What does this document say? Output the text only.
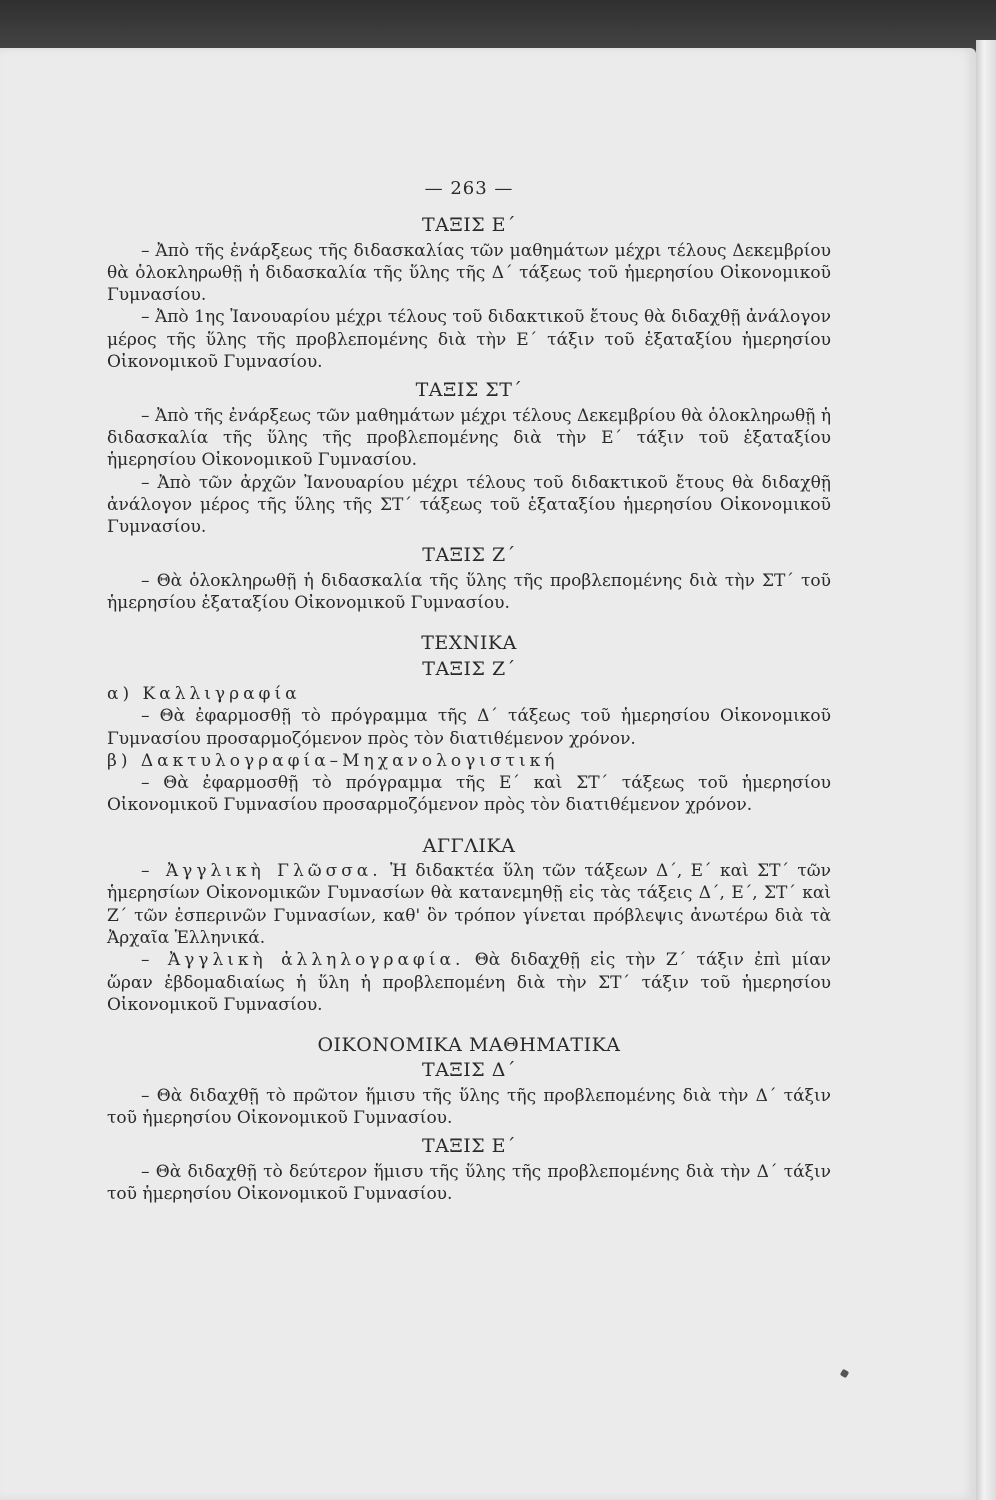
— 263 —
ΤΑΞΙΣ Ε΄

– Ἀπὸ τῆς ἐνάρξεως τῆς διδασκαλίας τῶν μαθημάτων μέχρι τέλους Δεκεμβρίου θὰ ὁλοκληρωθῇ ἡ διδασκαλία τῆς ὕλης τῆς Δ΄ τάξεως τοῦ ἡμερησίου Οἰκονομικοῦ Γυμνασίου.

– Ἀπὸ 1ης Ἰανουαρίου μέχρι τέλους τοῦ διδακτικοῦ ἔτους θὰ διδαχθῇ ἀνάλογον μέρος τῆς ὕλης τῆς προβλεπομένης διὰ τὴν Ε΄ τάξιν τοῦ ἑξαταξίου ἡμερησίου Οἰκονομικοῦ Γυμνασίου.

ΤΑΞΙΣ ΣΤ΄

– Ἀπὸ τῆς ἐνάρξεως τῶν μαθημάτων μέχρι τέλους Δεκεμβρίου θὰ ὁλοκληρωθῇ ἡ διδασκαλία τῆς ὕλης τῆς προβλεπομένης διὰ τὴν Ε΄ τάξιν τοῦ ἑξαταξίου ἡμερησίου Οἰκονομικοῦ Γυμνασίου.

– Ἀπὸ τῶν ἀρχῶν Ἰανουαρίου μέχρι τέλους τοῦ διδακτικοῦ ἔτους θὰ διδαχθῇ ἀνάλογον μέρος τῆς ὕλης τῆς ΣΤ΄ τάξεως τοῦ ἑξαταξίου ἡμερησίου Οἰκονομικοῦ Γυμνασίου.

ΤΑΞΙΣ Ζ΄

– Θὰ ὁλοκληρωθῇ ἡ διδασκαλία τῆς ὕλης τῆς προβλεπομένης διὰ τὴν ΣΤ΄ τοῦ ἡμερησίου ἑξαταξίου Οἰκονομικοῦ Γυμνασίου.

ΤΕΧΝΙΚΑ
ΤΑΞΙΣ Ζ΄

α) Καλλιγραφία

– Θὰ ἐφαρμοσθῇ τὸ πρόγραμμα τῆς Δ΄ τάξεως τοῦ ἡμερησίου Οἰκονομικοῦ Γυμνασίου προσαρμοζόμενον πρὸς τὸν διατιθέμενον χρόνον.

β) Δακτυλογραφία–Μηχανολογιστική

– Θὰ ἐφαρμοσθῇ τὸ πρόγραμμα τῆς Ε΄ καὶ ΣΤ΄ τάξεως τοῦ ἡμερησίου Οἰκονομικοῦ Γυμνασίου προσαρμοζόμενον πρὸς τὸν διατιθέμενον χρόνον.

ΑΓΓΛΙΚΑ

– Ἀγγλικὴ Γλῶσσα. Ἡ διδακτέα ὕλη τῶν τάξεων Δ΄, Ε΄ καὶ ΣΤ΄ τῶν ἡμερησίων Οἰκονομικῶν Γυμνασίων θὰ κατανεμηθῇ εἰς τὰς τάξεις Δ΄, Ε΄, ΣΤ΄ καὶ Ζ΄ τῶν ἑσπερινῶν Γυμνασίων, καθ' ὃν τρόπον γίνεται πρόβλεψις ἀνωτέρω διὰ τὰ Ἀρχαῖα Ἑλληνικά.

– Ἀγγλικὴ ἀλληλογραφία. Θὰ διδαχθῇ εἰς τὴν Ζ΄ τάξιν ἐπὶ μίαν ὥραν ἑβδομαδιαίως ἡ ὕλη ἡ προβλεπομένη διὰ τὴν ΣΤ΄ τάξιν τοῦ ἡμερησίου Οἰκονομικοῦ Γυμνασίου.

ΟΙΚΟΝΟΜΙΚΑ ΜΑΘΗΜΑΤΙΚΑ
ΤΑΞΙΣ Δ΄

– Θὰ διδαχθῇ τὸ πρῶτον ἥμισυ τῆς ὕλης τῆς προβλεπομένης διὰ τὴν Δ΄ τάξιν τοῦ ἡμερησίου Οἰκονομικοῦ Γυμνασίου.

ΤΑΞΙΣ Ε΄

– Θὰ διδαχθῇ τὸ δεύτερον ἥμισυ τῆς ὕλης τῆς προβλεπομένης διὰ τὴν Δ΄ τάξιν τοῦ ἡμερησίου Οἰκονομικοῦ Γυμνασίου.
